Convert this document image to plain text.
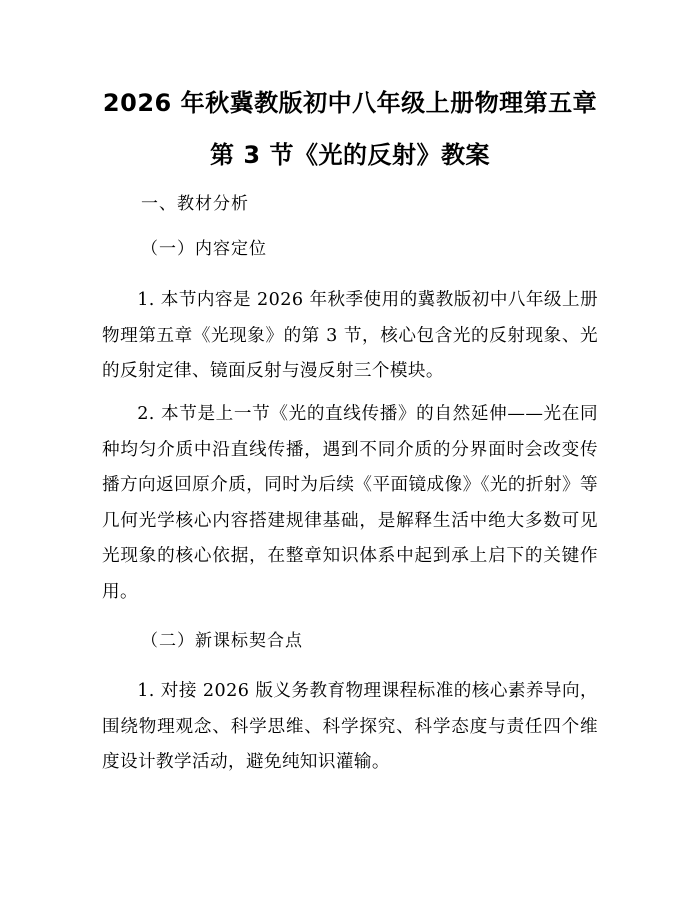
2026 年秋冀教版初中八年级上册物理第五章
第 3 节《光的反射》教案
一、教材分析
（一）内容定位
1. 本节内容是 2026 年秋季使用的冀教版初中八年级上册物理第五章《光现象》的第 3 节，核心包含光的反射现象、光的反射定律、镜面反射与漫反射三个模块。
2. 本节是上一节《光的直线传播》的自然延伸——光在同种均匀介质中沿直线传播，遇到不同介质的分界面时会改变传播方向返回原介质，同时为后续《平面镜成像》《光的折射》等几何光学核心内容搭建规律基础，是解释生活中绝大多数可见光现象的核心依据，在整章知识体系中起到承上启下的关键作用。
（二）新课标契合点
1. 对接 2026 版义务教育物理课程标准的核心素养导向，围绕物理观念、科学思维、科学探究、科学态度与责任四个维度设计教学活动，避免纯知识灌输。
